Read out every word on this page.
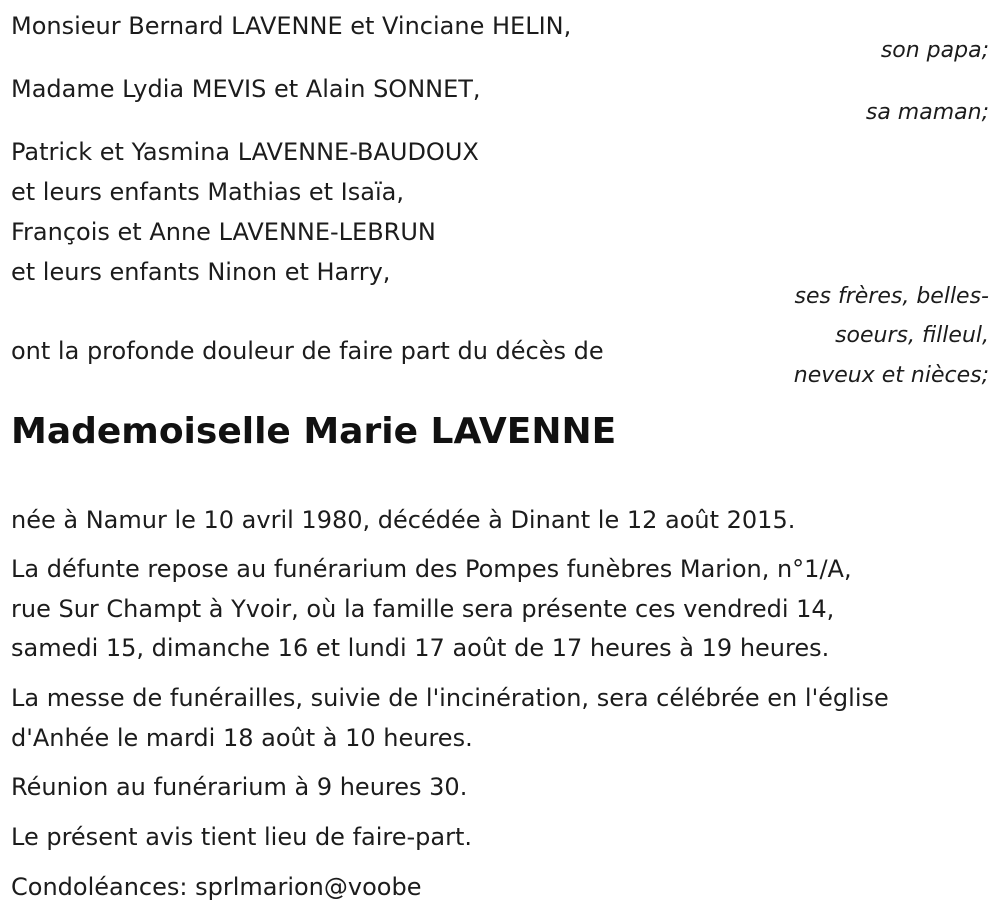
Monsieur Bernard LAVENNE et Vinciane HELIN,
son papa;
Madame Lydia MEVIS et Alain SONNET,
sa maman;
Patrick et Yasmina LAVENNE-BAUDOUX
et leurs enfants Mathias et Isaïa,
François et Anne LAVENNE-LEBRUN
et leurs enfants Ninon et Harry,
ses frères, belles-
soeurs, filleul,
neveux et nièces;
ont la profonde douleur de faire part du décès de
Mademoiselle Marie LAVENNE
née à Namur le 10 avril 1980, décédée à Dinant le 12 août 2015.
La défunte repose au funérarium des Pompes funèbres Marion, n°1/A,
rue Sur Champt à Yvoir, où la famille sera présente ces vendredi 14,
samedi 15, dimanche 16 et lundi 17 août de 17 heures à 19 heures.
La messe de funérailles, suivie de l'incinération, sera célébrée en l'église
d'Anhée le mardi 18 août à 10 heures.
Réunion au funérarium à 9 heures 30.
Le présent avis tient lieu de faire-part.
Condoléances: sprlmarion@voobe
